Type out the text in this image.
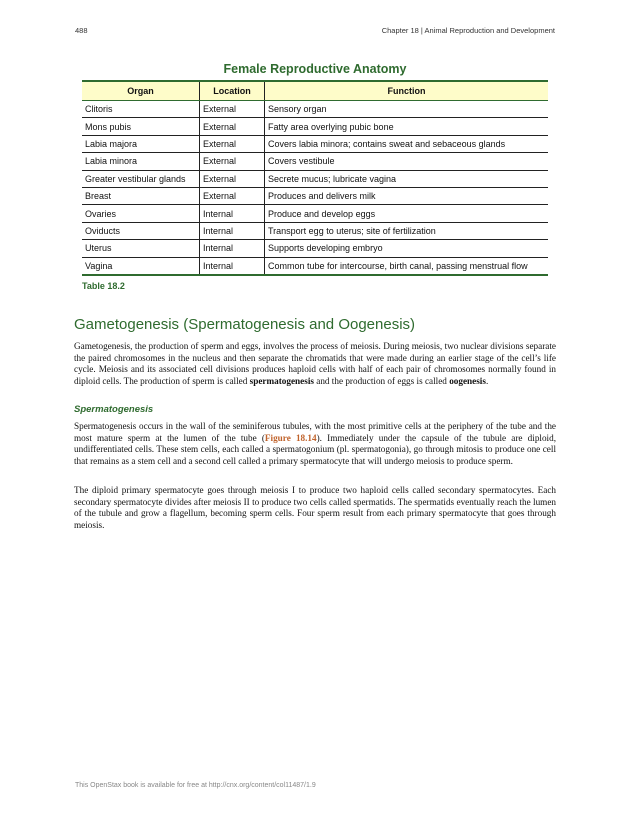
488	Chapter 18 | Animal Reproduction and Development
Female Reproductive Anatomy
Organ	Location	Function
Clitoris	External	Sensory organ
Mons pubis	External	Fatty area overlying pubic bone
Labia majora	External	Covers labia minora; contains sweat and sebaceous glands
Labia minora	External	Covers vestibule
Greater vestibular glands	External	Secrete mucus; lubricate vagina
Breast	External	Produces and delivers milk
Ovaries	Internal	Produce and develop eggs
Oviducts	Internal	Transport egg to uterus; site of fertilization
Uterus	Internal	Supports developing embryo
Vagina	Internal	Common tube for intercourse, birth canal, passing menstrual flow
Table 18.2
Gametogenesis (Spermatogenesis and Oogenesis)

Gametogenesis, the production of sperm and eggs, involves the process of meiosis. During meiosis, two nuclear divisions separate the paired chromosomes in the nucleus and then separate the chromatids that were made during an earlier stage of the cell’s life cycle. Meiosis and its associated cell divisions produces haploid cells with half of each pair of chromosomes normally found in diploid cells. The production of sperm is called spermatogenesis and the production of eggs is called oogenesis.

Spermatogenesis

Spermatogenesis occurs in the wall of the seminiferous tubules, with the most primitive cells at the periphery of the tube and the most mature sperm at the lumen of the tube (Figure 18.14). Immediately under the capsule of the tubule are diploid, undifferentiated cells. These stem cells, each called a spermatogonium (pl. spermatogonia), go through mitosis to produce one cell that remains as a stem cell and a second cell called a primary spermatocyte that will undergo meiosis to produce sperm.

The diploid primary spermatocyte goes through meiosis I to produce two haploid cells called secondary spermatocytes. Each secondary spermatocyte divides after meiosis II to produce two cells called spermatids. The spermatids eventually reach the lumen of the tubule and grow a flagellum, becoming sperm cells. Four sperm result from each primary spermatocyte that goes through meiosis.

This OpenStax book is available for free at http://cnx.org/content/col11487/1.9
